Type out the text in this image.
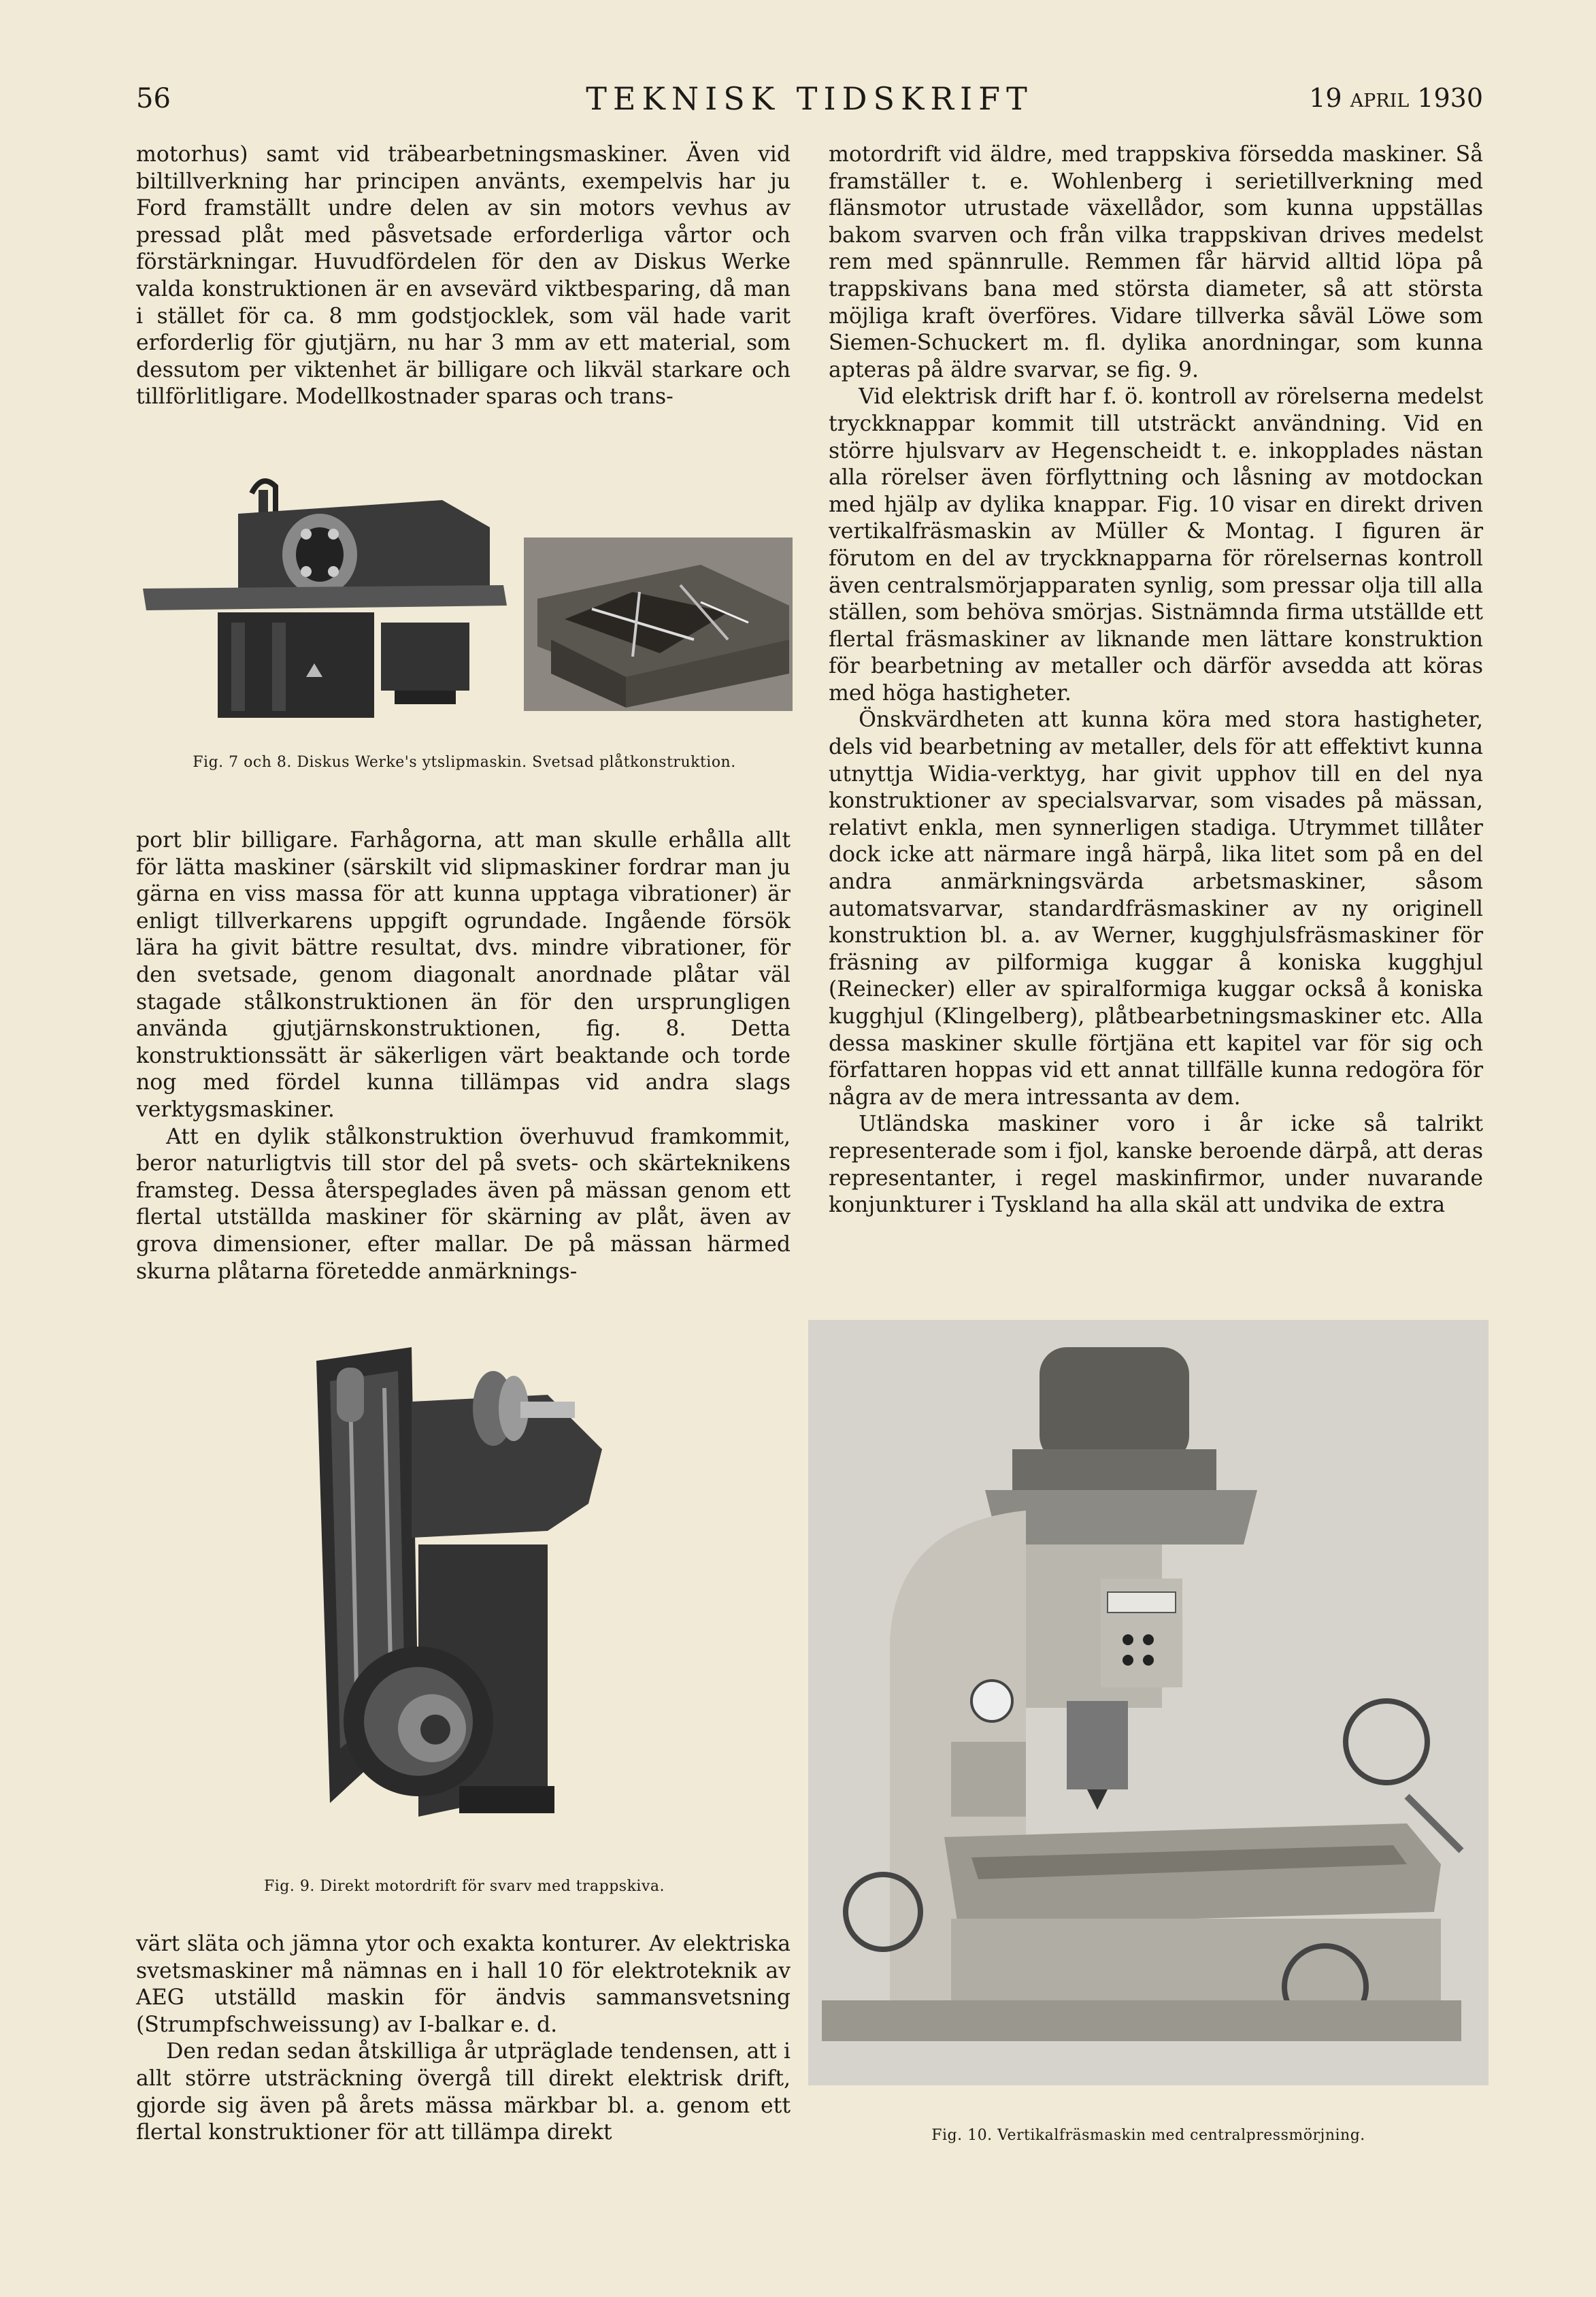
56	TEKNISK TIDSKRIFT	19 april 1930

motorhus) samt vid träbearbetningsmaskiner. Även vid biltillverkning har principen använts, exempelvis har ju Ford framställt undre delen av sin motors vevhus av pressad plåt med påsvetsade erforderliga vårtor och förstärkningar. Huvudfördelen för den av Diskus Werke valda konstruktionen är en avsevärd viktbesparing, då man i stället för ca. 8 mm godstjocklek, som väl hade varit erforderlig för gjutjärn, nu har 3 mm av ett material, som dessutom per viktenhet är billigare och likväl starkare och tillförlitligare. Modellkostnader sparas och trans-

Fig. 7 och 8. Diskus Werke's ytslipmaskin. Svetsad plåtkonstruktion.

port blir billigare. Farhågorna, att man skulle erhålla allt för lätta maskiner (särskilt vid slipmaskiner fordrar man ju gärna en viss massa för att kunna upptaga vibrationer) är enligt tillverkarens uppgift ogrundade. Ingående försök lära ha givit bättre resultat, dvs. mindre vibrationer, för den svetsade, genom diagonalt anordnade plåtar väl stagade stålkonstruktionen än för den ursprungligen använda gjutjärnskonstruktionen, fig. 8. Detta konstruktionssätt är säkerligen värt beaktande och torde nog med fördel kunna tillämpas vid andra slags verktygsmaskiner.

Att en dylik stålkonstruktion överhuvud framkommit, beror naturligtvis till stor del på svets- och skärteknikens framsteg. Dessa återspeglades även på mässan genom ett flertal utställda maskiner för skärning av plåt, även av grova dimensioner, efter mallar. De på mässan härmed skurna plåtarna företedde anmärknings-

motordrift vid äldre, med trappskiva försedda maskiner. Så framställer t. e. Wohlenberg i serietillverkning med flänsmotor utrustade växellådor, som kunna uppställas bakom svarven och från vilka trappskivan drives medelst rem med spännrulle. Remmen får härvid alltid löpa på trappskivans bana med största diameter, så att största möjliga kraft överföres. Vidare tillverka såväl Löwe som Siemen-Schuckert m. fl. dylika anordningar, som kunna apteras på äldre svarvar, se fig. 9.

Vid elektrisk drift har f. ö. kontroll av rörelserna medelst tryckknappar kommit till utsträckt användning. Vid en större hjulsvarv av Hegenscheidt t. e. inkopplades nästan alla rörelser även förflyttning och låsning av motdockan med hjälp av dylika knappar. Fig. 10 visar en direkt driven vertikalfräsmaskin av Müller & Montag. I figuren är förutom en del av tryckknapparna för rörelsernas kontroll även centralsmörjapparaten synlig, som pressar olja till alla ställen, som behöva smörjas. Sistnämnda firma utställde ett flertal fräsmaskiner av liknande men lättare konstruktion för bearbetning av metaller och därför avsedda att köras med höga hastigheter.

Önskvärdheten att kunna köra med stora hastigheter, dels vid bearbetning av metaller, dels för att effektivt kunna utnyttja Widia-verktyg, har givit upphov till en del nya konstruktioner av specialsvarvar, som visades på mässan, relativt enkla, men synnerligen stadiga. Utrymmet tillåter dock icke att närmare ingå härpå, lika litet som på en del andra anmärkningsvärda arbetsmaskiner, såsom automatsvarvar, standardfräsmaskiner av ny originell konstruktion bl. a. av Werner, kugghjulsfräsmaskiner för fräsning av pilformiga kuggar å koniska kugghjul (Reinecker) eller av spiralformiga kuggar också å koniska kugghjul (Klingelberg), plåtbearbetningsmaskiner etc. Alla dessa maskiner skulle förtjäna ett kapitel var för sig och författaren hoppas vid ett annat tillfälle kunna redogöra för några av de mera intressanta av dem.

Utländska maskiner voro i år icke så talrikt representerade som i fjol, kanske beroende därpå, att deras representanter, i regel maskinfirmor, under nuvarande konjunkturer i Tyskland ha alla skäl att undvika de extra

Fig. 9. Direkt motordrift för svarv med trappskiva.

värt släta och jämna ytor och exakta konturer. Av elektriska svetsmaskiner må nämnas en i hall 10 för elektroteknik av AEG utställd maskin för ändvis sammansvetsning (Strumpfschweissung) av I-balkar e. d.

Den redan sedan åtskilliga år utpräglade tendensen, att i allt större utsträckning övergå till direkt elektrisk drift, gjorde sig även på årets mässa märkbar bl. a. genom ett flertal konstruktioner för att tillämpa direkt	Fig. 10. Vertikalfräsmaskin med centralpressmörjning.
